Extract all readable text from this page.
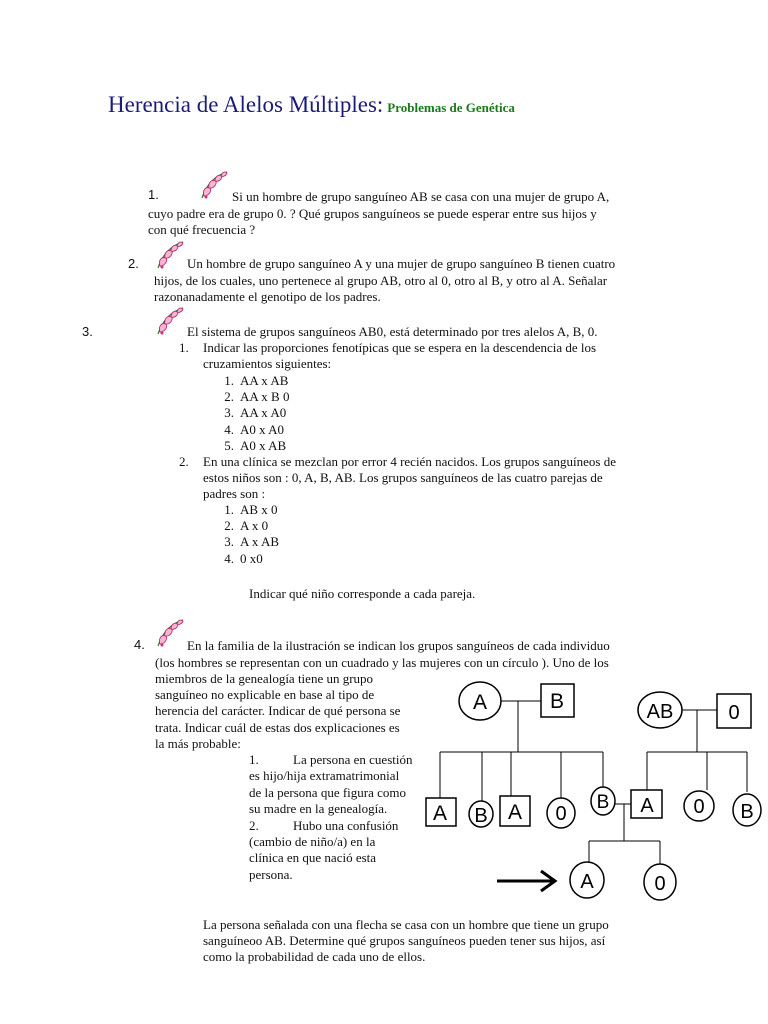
Herencia de Alelos Múltiples: Problemas de Genética
1.	Si un hombre de grupo sanguíneo AB se casa con una mujer de grupo A,
cuyo padre era de grupo 0. ? Qué grupos sanguíneos se puede esperar entre sus hijos y
con qué frecuencia ?
2.	Un hombre de grupo sanguíneo A y una mujer de grupo sanguíneo B tienen cuatro
hijos, de los cuales, uno pertenece al grupo AB, otro al 0, otro al B, y otro al A. Señalar
razonanadamente el genotipo de los padres.
3.	El sistema de grupos sanguíneos AB0, está determinado por tres alelos A, B, 0.
1. Indicar las proporciones fenotípicas que se espera en la descendencia de los
cruzamientos siguientes:
1. AA x AB
2. AA x B 0
3. AA x A0
4. A0 x A0
5. A0 x AB
2. En una clínica se mezclan por error 4 recién nacidos. Los grupos sanguíneos de
estos niños son : 0, A, B, AB. Los grupos sanguíneos de las cuatro parejas de
padres son :
1. AB x 0
2. A x 0
3. A x AB
4. 0 x0
Indicar qué niño corresponde a cada pareja.
4.	En la familia de la ilustración se indican los grupos sanguíneos de cada individuo
(los hombres se representan con un cuadrado y las mujeres con un círculo ). Uno de los
miembros de la genealogía tiene un grupo
sanguíneo no explicable en base al tipo de
herencia del carácter. Indicar de qué persona se
trata. Indicar cuál de estas dos explicaciones es
la más probable:
1.	La persona en cuestión
es hijo/hija extramatrimonial
de la persona que figura como
su madre en la genealogía.
2.	Hubo una confusión
(cambio de niño/a) en la
clínica en que nació esta
persona.
A	B	AB	0
A B A 0
B A 0 B
A	0
La persona señalada con una flecha se casa con un hombre que tiene un grupo
sanguíneoo AB. Determine qué grupos sanguíneos pueden tener sus hijos, así
como la probabilidad de cada uno de ellos.
